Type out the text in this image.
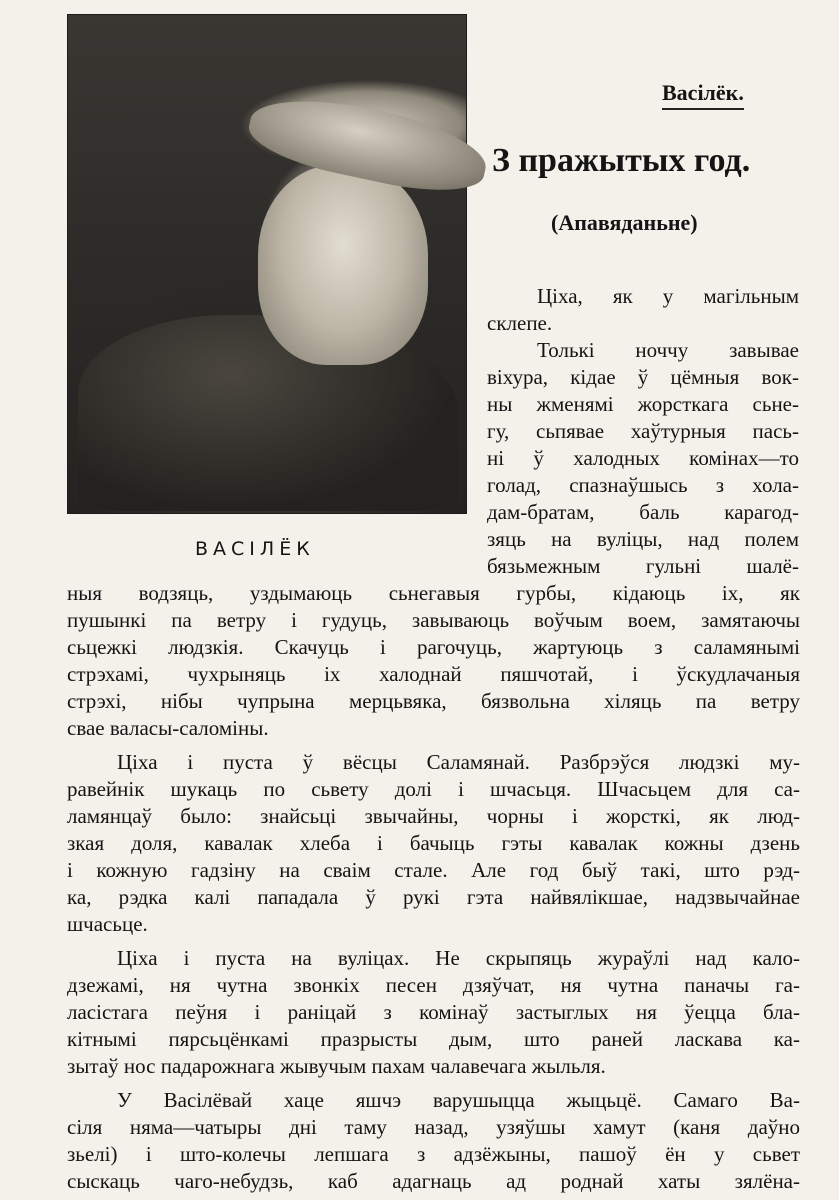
ВАСІЛЁК
Васілёк.
З пражытых год.
(Апавяданьне)
Ціха, як у магільным
склепе.
Толькі ноччу завывае
віхура, кідае ў цёмныя вок-
ны жменямі жорсткага сьне-
гу, сьпявае хаўтурныя пась-
ні ў халодных комінах—то
голад, спазнаўшысь з хола-
дам-братам, баль карагод-
зяць на вуліцы, над полем
бязьмежным гульні шалё-
ныя водзяць, уздымаюць сьнегавыя гурбы, кідаюць іх, як
пушынкі па ветру і гудуць, завываюць воўчым воем, замятаючы
сьцежкі людзкія. Скачуць і рагочуць, жартуюць з саламянымі
стрэхамі, чухрыняць іх халоднай пяшчотай, і ўскудлачаныя
стрэхі, нібы чупрына мерцьвяка, бязвольна хіляць па ветру
свае валасы-саломіны.
Ціха і пуста ў вёсцы Саламянай. Разбрэўся людзкі му-
равейнік шукаць по сьвету долі і шчасьця. Шчасьцем для са-
ламянцаў было: знайсьці звычайны, чорны і жорсткі, як люд-
зкая доля, кавалак хлеба і бачыць гэты кавалак кожны дзень
і кожную гадзіну на сваім стале. Але год быў такі, што рэд-
ка, рэдка калі пападала ў рукі гэта найвялікшае, надзвычайнае
шчасьце.
Ціха і пуста на вуліцах. Не скрыпяць жураўлі над кало-
дзежамі, ня чутна звонкіх песен дзяўчат, ня чутна паначы га-
ласістага пеўня і раніцай з комінаў застыглых ня ўецца бла-
кітнымі пярсьцёнкамі празрысты дым, што раней ласкава ка-
зытаў нос падарожнага жывучым пахам чалавечага жыльля.
У Васілёвай хаце яшчэ варушыцца жыцьцё. Самаго Ва-
сіля няма—чатыры дні таму назад, узяўшы хамут (каня даўно
зьелі) і што-колечы лепшага з адзёжыны, пашоў ён у сьвет
сыскаць чаго-небудзь, каб адагнаць ад роднай хаты зялёна-
